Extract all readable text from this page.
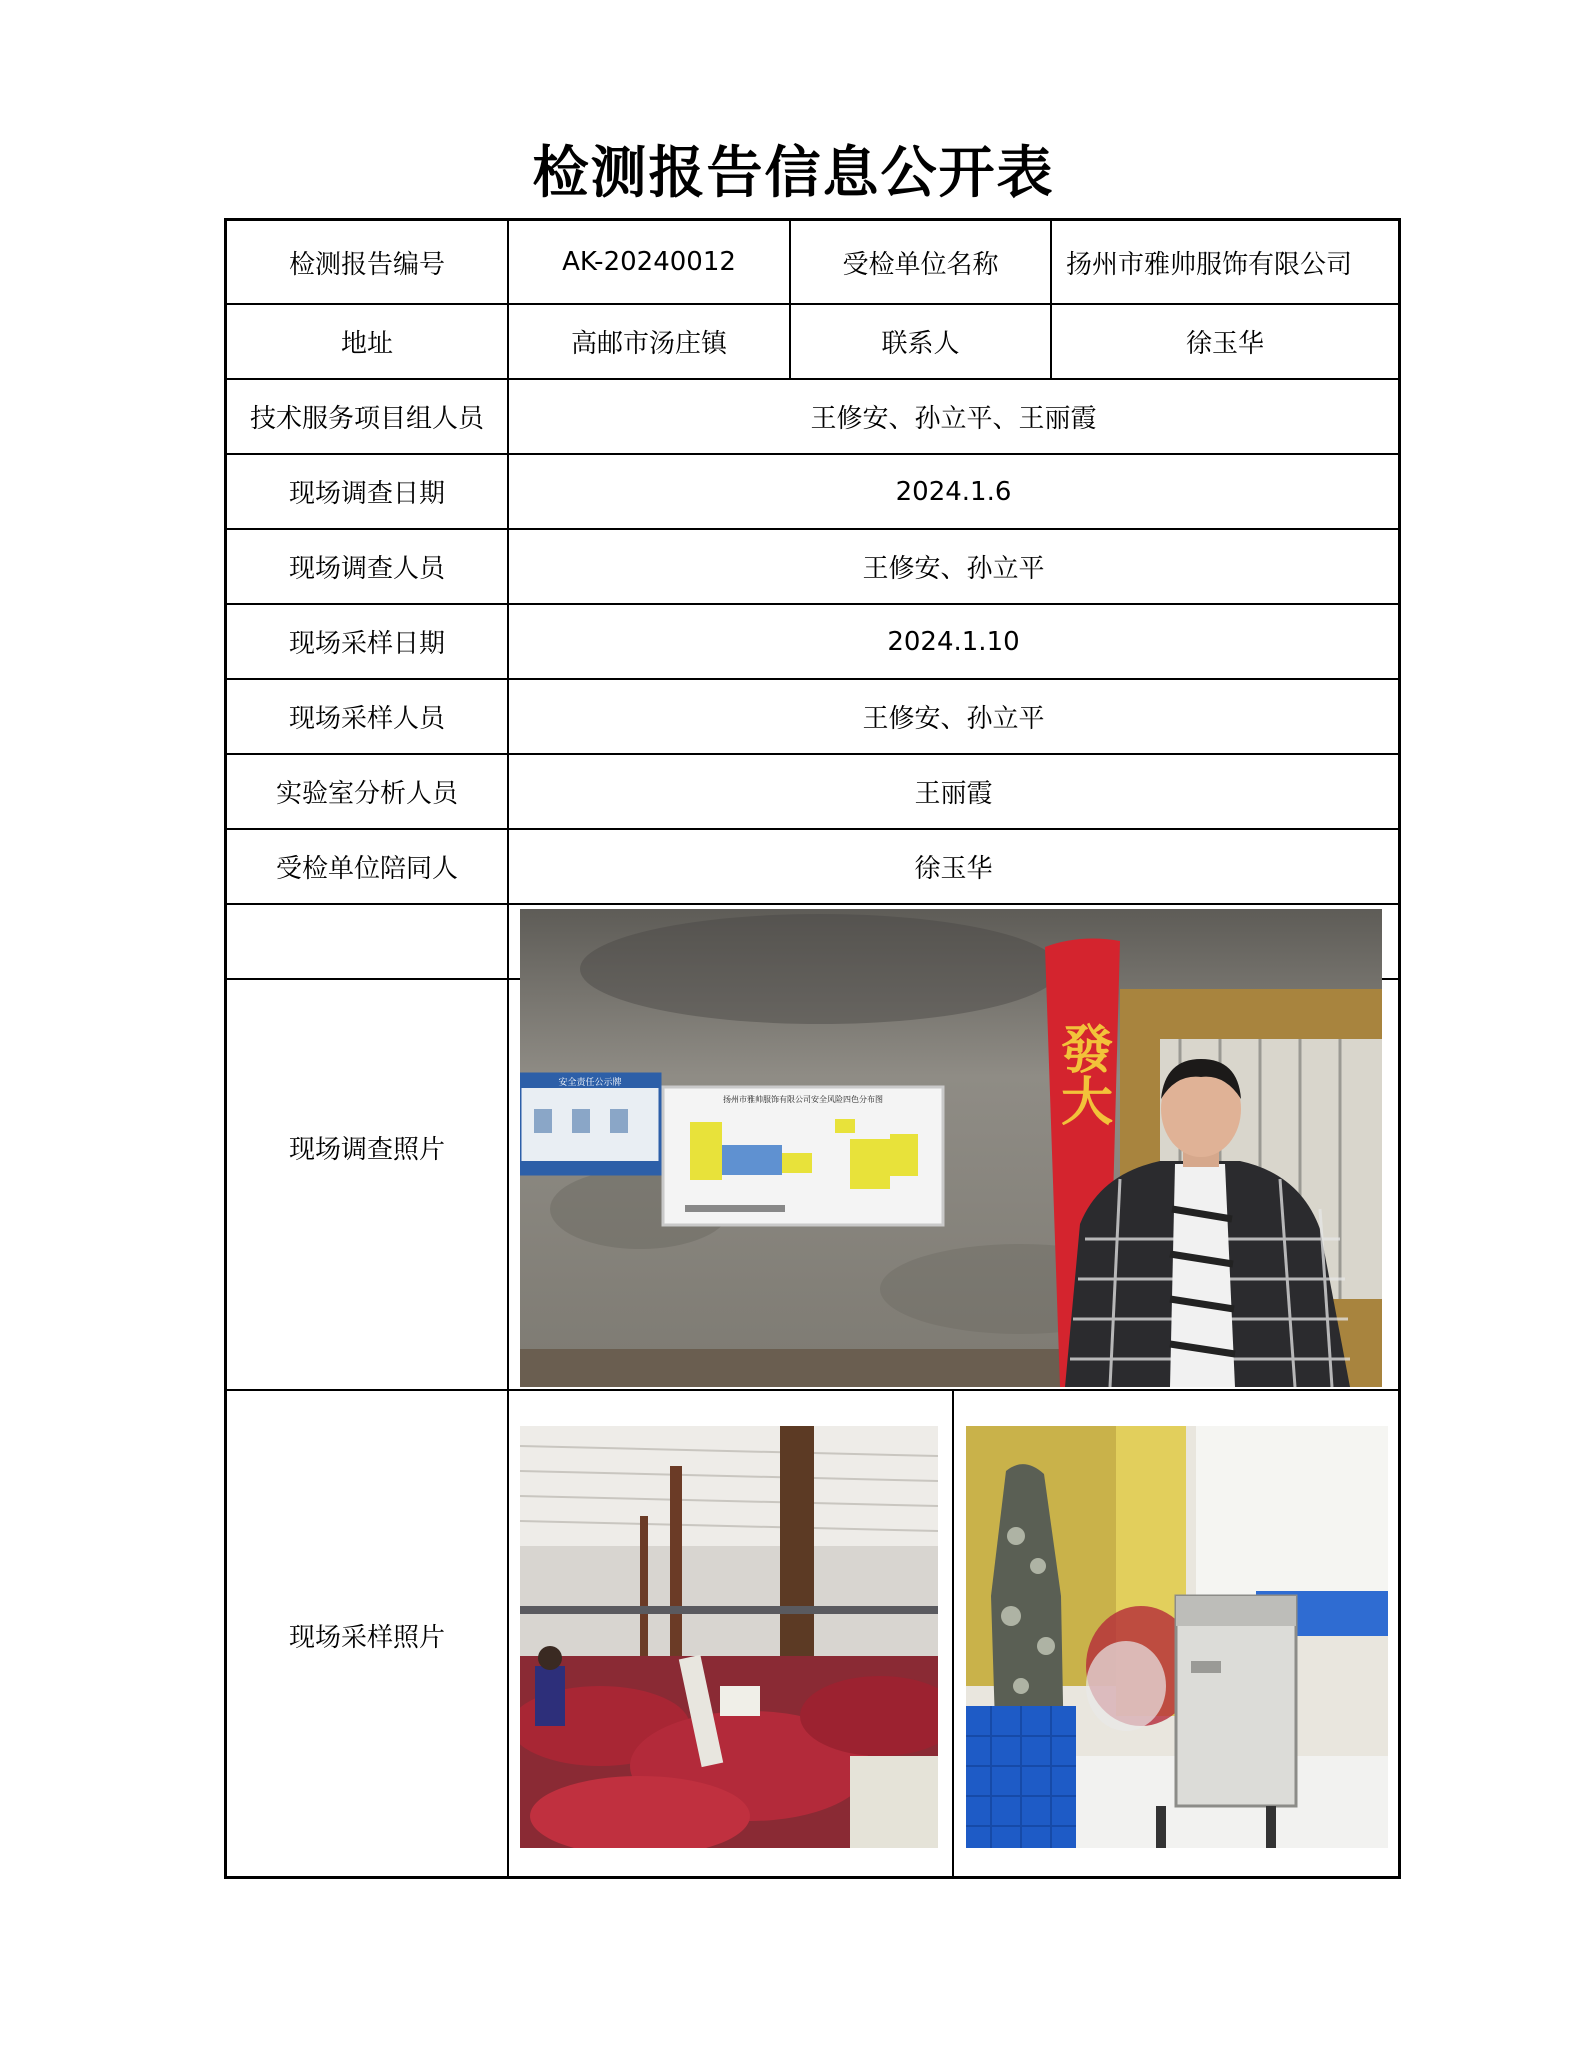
检测报告信息公开表
检测报告编号	AK-20240012	受检单位名称	扬州市雅帅服饰有限公司
地址	高邮市汤庄镇	联系人	徐玉华
技术服务项目组人员	王修安、孙立平、王丽霞
现场调查日期	2024.1.6
现场调查人员	王修安、孙立平
现场采样日期	2024.1.10
现场采样人员	王修安、孙立平
实验室分析人员	王丽霞
受检单位陪同人	徐玉华
现场调查照片
安全责任公示牌
扬州市雅帅服饰有限公司安全风险四色分布图	發大
现场采样照片
